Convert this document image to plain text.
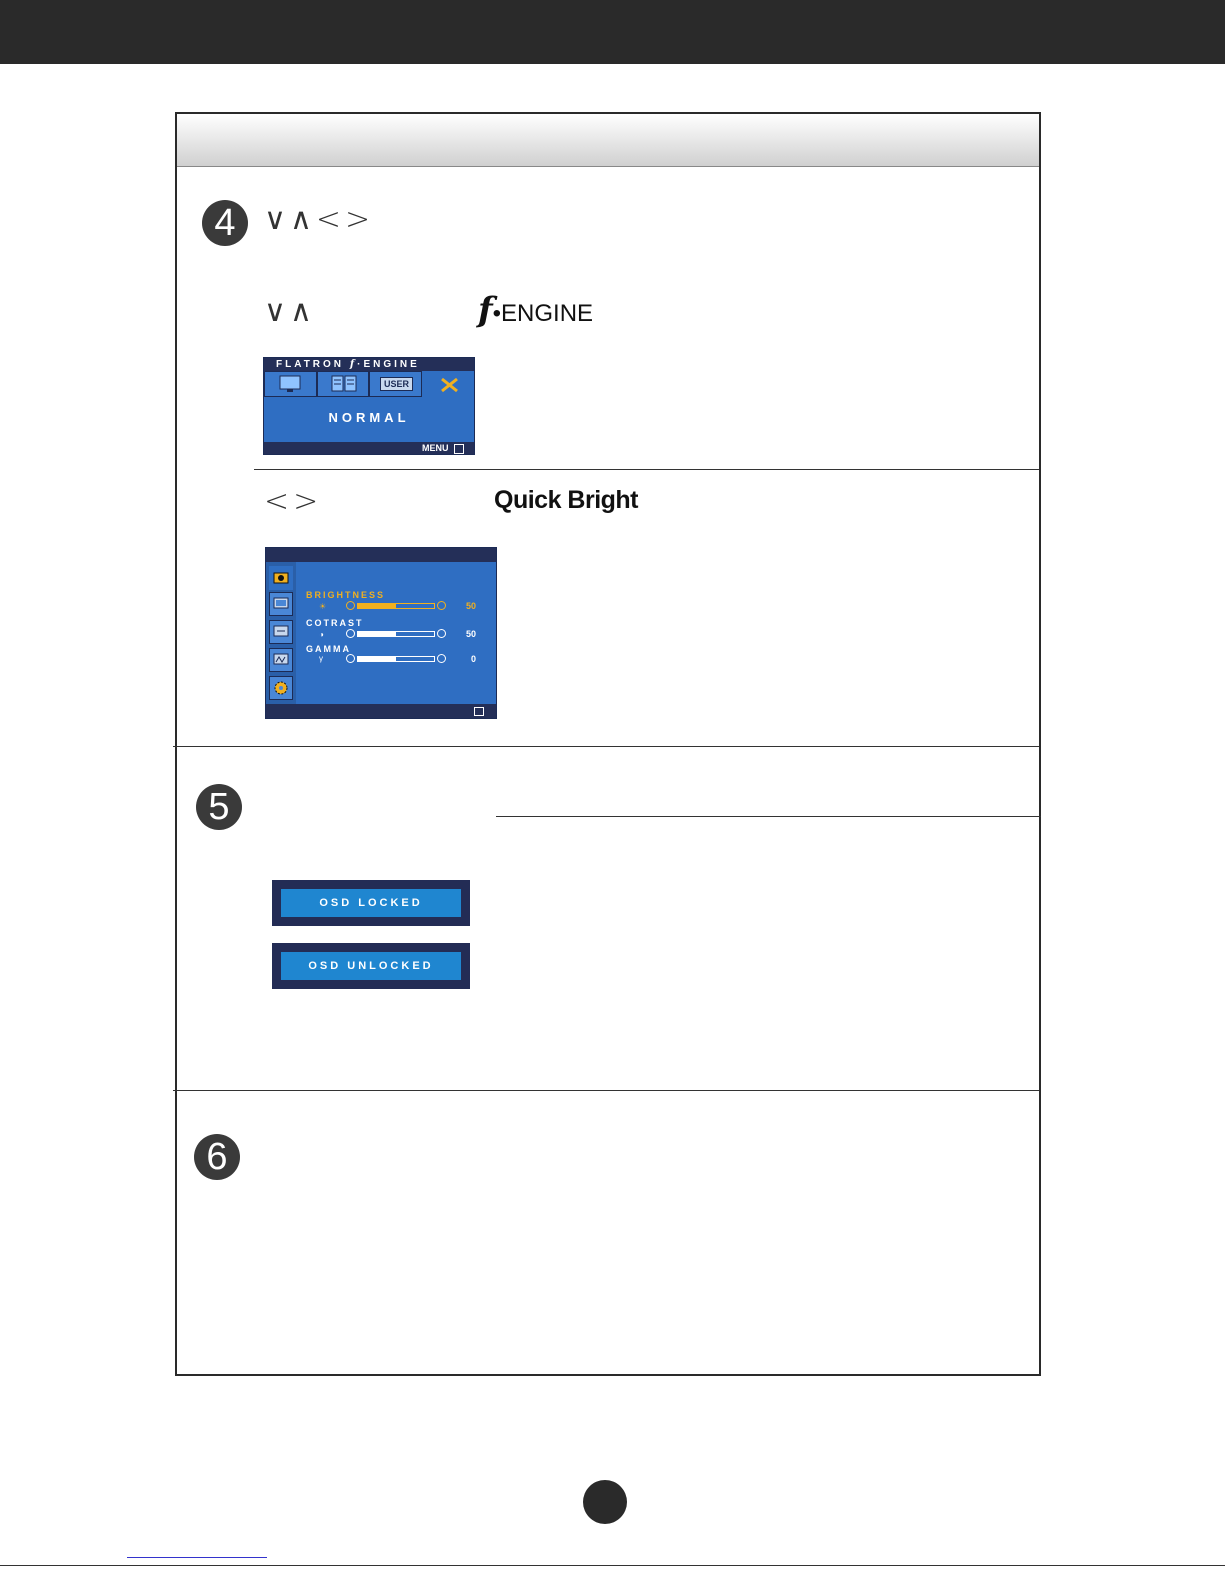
4 ∨∧<>
∨∧	f•ENGINE
FLATRON f·ENGINE
USER
NORMAL
MENU
<>	Quick Bright
BRIGHTNESS
☀	50
COTRAST
◑	50
GAMMA
γ	0
5
OSD LOCKED
OSD UNLOCKED
6
